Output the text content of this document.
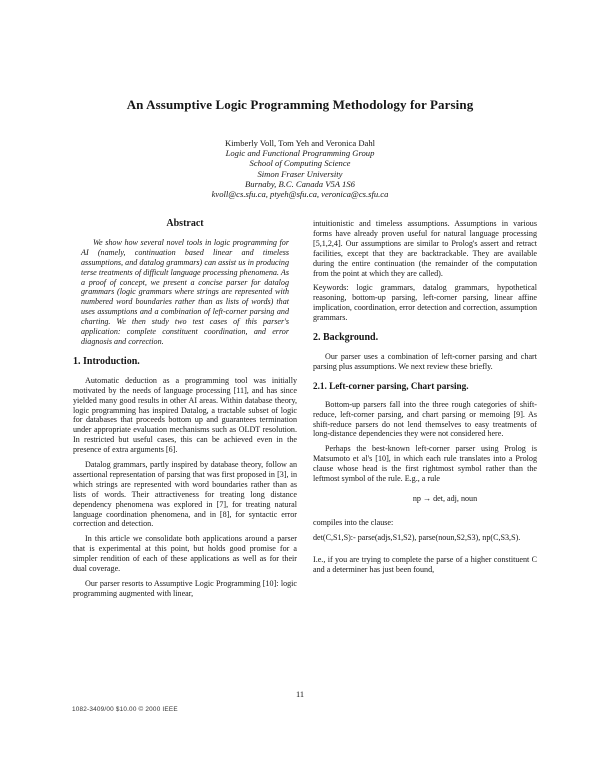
An Assumptive Logic Programming Methodology for Parsing
Kimberly Voll, Tom Yeh and Veronica Dahl
Logic and Functional Programming Group
School of Computing Science
Simon Fraser University
Burnaby, B.C. Canada V5A 1S6
kvoll@cs.sfu.ca, ptyeh@sfu.ca, veronica@cs.sfu.ca
Abstract

We show how several novel tools in logic programming for AI (namely, continuation based linear and timeless assumptions, and datalog grammars) can assist us in producing terse treatments of difficult language processing phenomena. As a proof of concept, we present a concise parser for datalog grammars (logic grammars where strings are represented with numbered word boundaries rather than as lists of words) that uses assumptions and a combination of left-corner parsing and charting. We then study two test cases of this parser's application: complete constituent coordination, and error diagnosis and correction.

1. Introduction.

Automatic deduction as a programming tool was initially motivated by the needs of language processing [11], and has since yielded many good results in other AI areas. Within database theory, logic programming has inspired Datalog, a tractable subset of logic for databases that proceeds bottom up and guarantees termination under appropriate evaluation mechanisms such as OLDT resolution. In restricted but useful cases, this can be achieved even in the presence of extra arguments [6].

Datalog grammars, partly inspired by database theory, follow an assertional representation of parsing that was first proposed in [3], in which strings are represented with word boundaries rather than as lists of words. Their attractiveness for treating long distance dependency phenomena was explored in [7], for treating natural language coordination phenomena, and in [8], for syntactic error correction and detection.

In this article we consolidate both applications around a parser that is experimental at this point, but holds good promise for a simpler rendition of each of these applications as well as for their dual coverage.

Our parser resorts to Assumptive Logic Programming [10]: logic programming augmented with linear,

intuitionistic and timeless assumptions. Assumptions in various forms have already proven useful for natural language processing [5,1,2,4]. Our assumptions are similar to Prolog's assert and retract facilities, except that they are backtrackable. They are available during the entire continuation (the remainder of the computation from the point at which they are called).

Keywords: logic grammars, datalog grammars, hypothetical reasoning, bottom-up parsing, left-corner parsing, linear affine implication, coordination, error detection and correction, assumption grammars.

2. Background.

Our parser uses a combination of left-corner parsing and chart parsing plus assumptions. We next review these briefly.

2.1. Left-corner parsing, Chart parsing.

Bottom-up parsers fall into the three rough categories of shift-reduce, left-corner parsing, and chart parsing or memoing [9]. As shift-reduce parsers do not lend themselves to easy treatments of long-distance dependencies they were not considered here.

Perhaps the best-known left-corner parser using Prolog is Matsumoto et al's [10], in which each rule translates into a Prolog clause whose head is the first rightmost symbol rather than the leftmost symbol of the rule. E.g., a rule

np → det, adj, noun

compiles into the clause:

det(C,S1,S):- parse(adjs,S1,S2), parse(noun,S2,S3), np(C,S3,S).

I.e., if you are trying to complete the parse of a higher constituent C and a determiner has just been found,

11
1082-3409/00 $10.00 © 2000 IEEE
